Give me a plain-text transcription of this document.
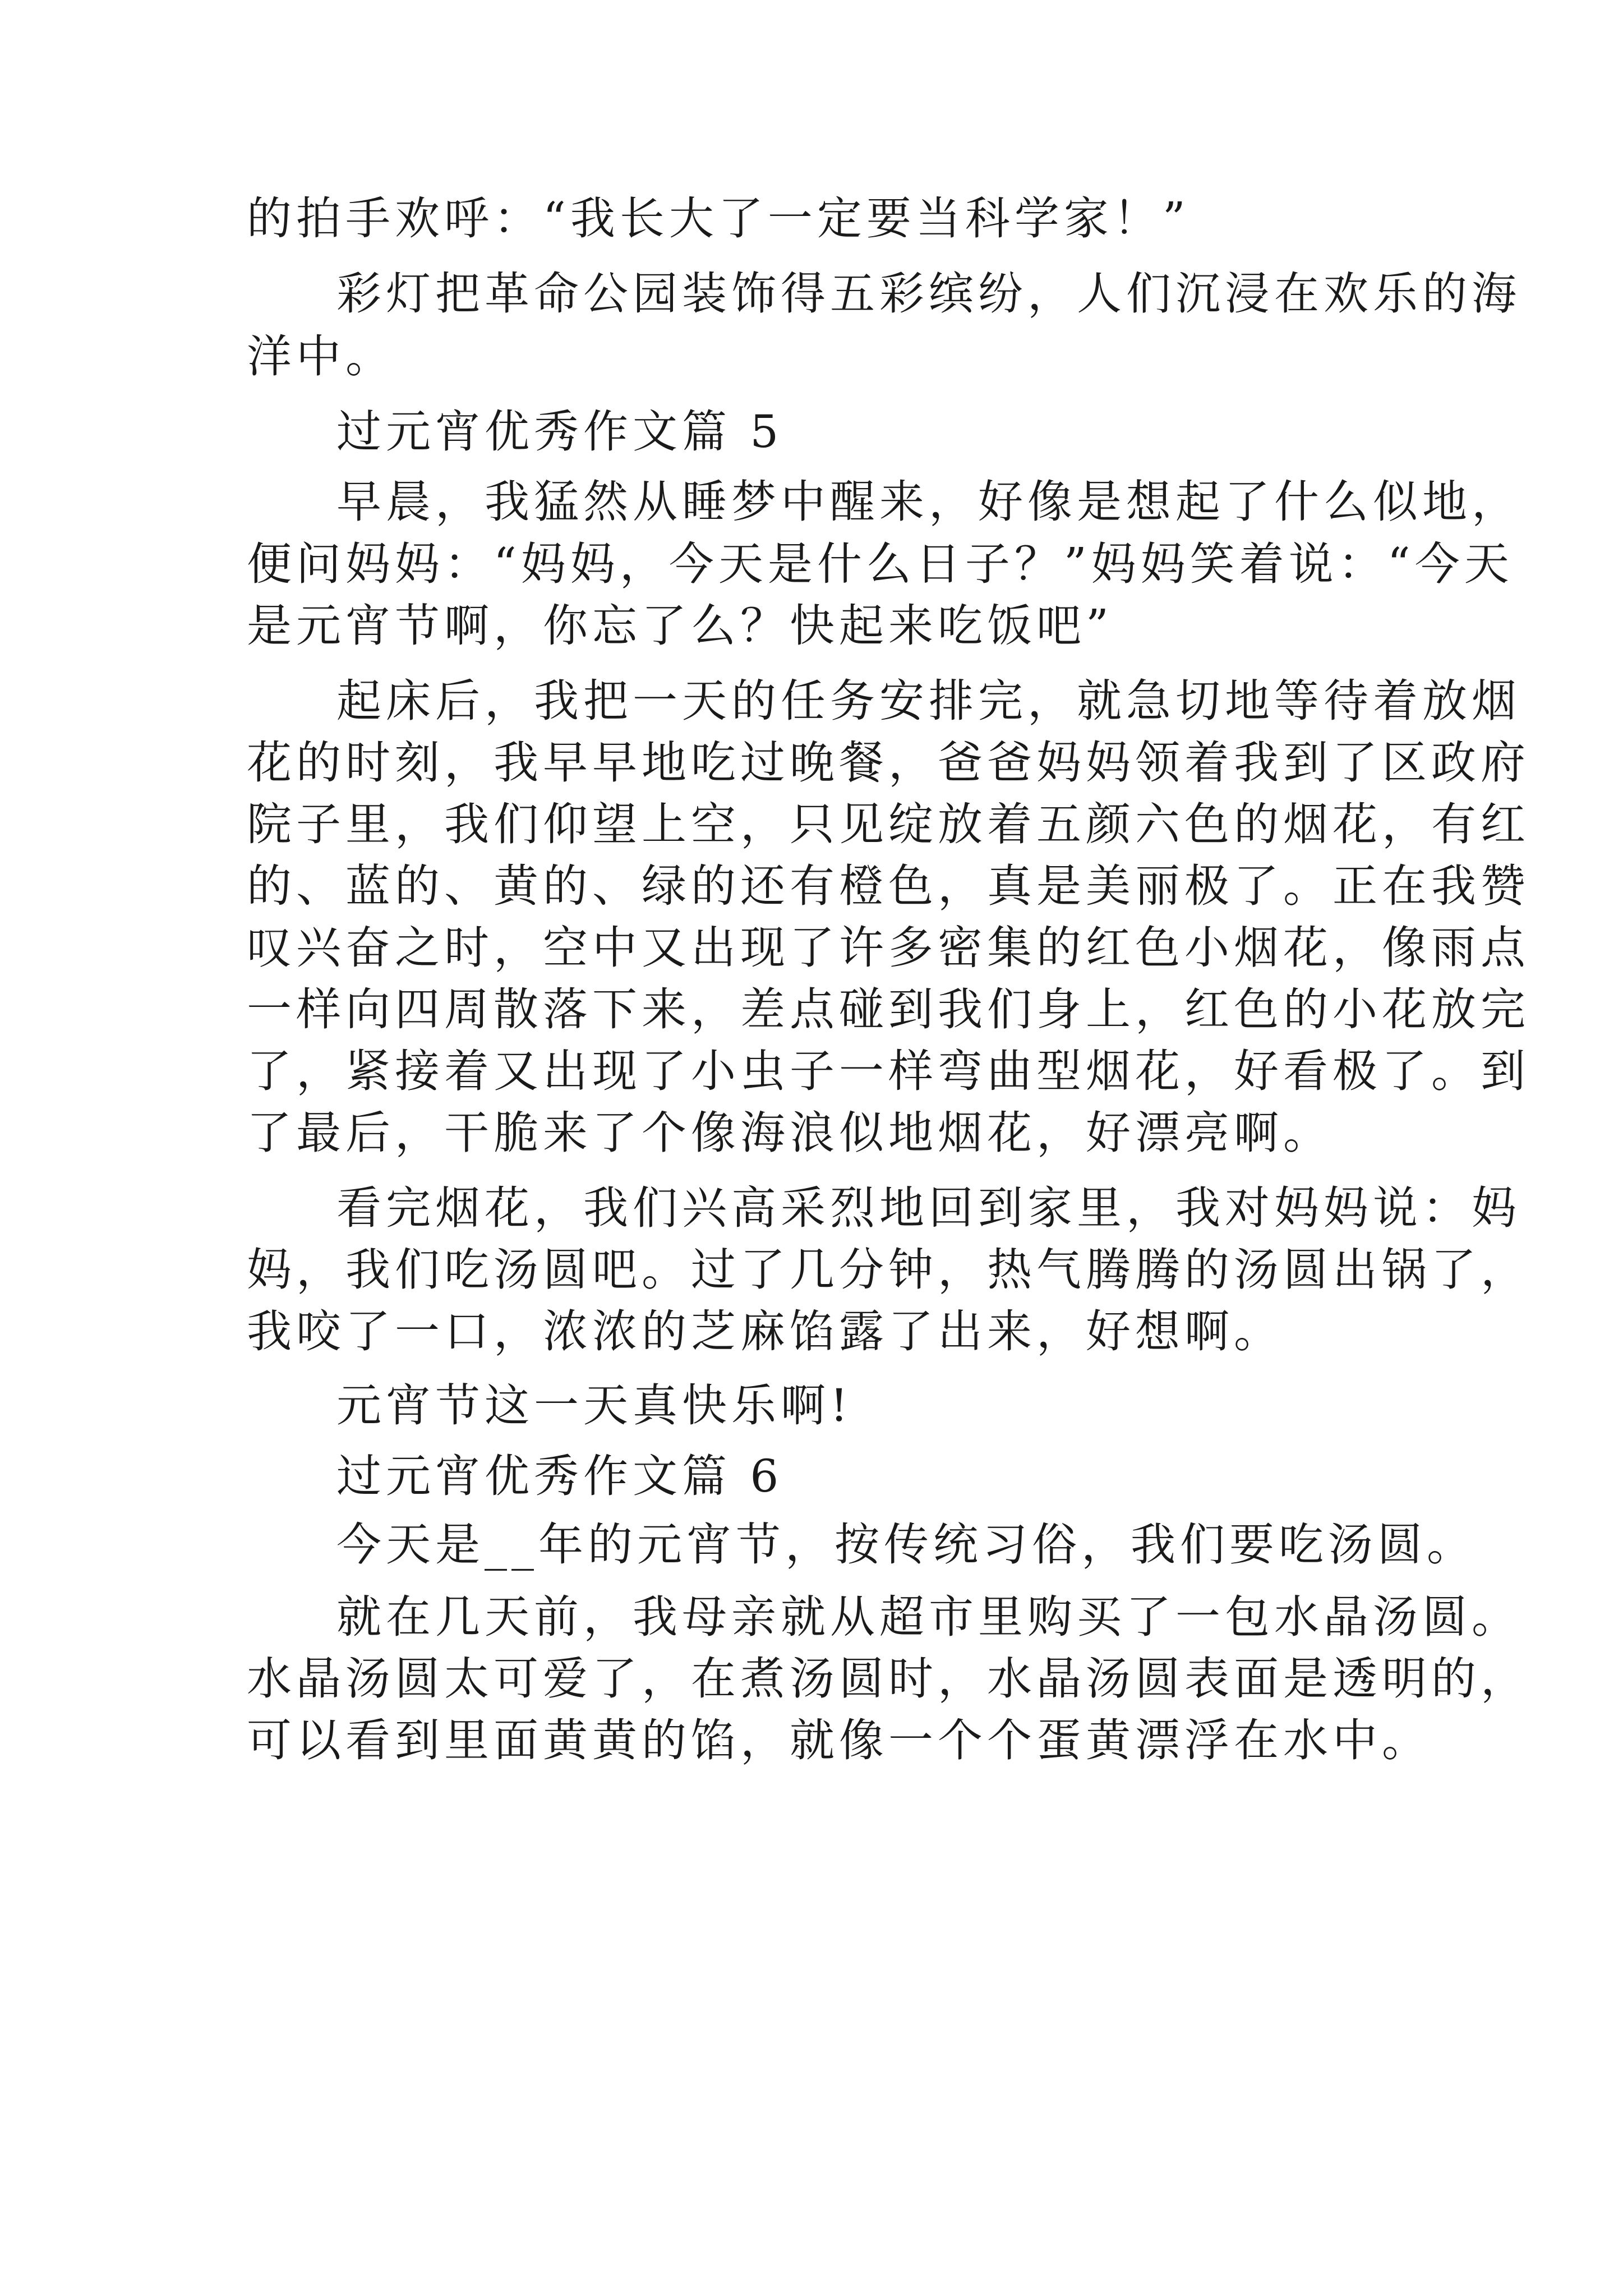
的拍手欢呼：“我长大了一定要当科学家！”
彩灯把革命公园装饰得五彩缤纷，人们沉浸在欢乐的海
洋中。
过元宵优秀作文篇 5
早晨，我猛然从睡梦中醒来，好像是想起了什么似地，
便问妈妈：“妈妈，今天是什么日子？”妈妈笑着说：“今天
是元宵节啊，你忘了么？快起来吃饭吧”
起床后，我把一天的任务安排完，就急切地等待着放烟
花的时刻，我早早地吃过晚餐，爸爸妈妈领着我到了区政府
院子里，我们仰望上空，只见绽放着五颜六色的烟花，有红
的、蓝的、黄的、绿的还有橙色，真是美丽极了。正在我赞
叹兴奋之时，空中又出现了许多密集的红色小烟花，像雨点
一样向四周散落下来，差点碰到我们身上，红色的小花放完
了，紧接着又出现了小虫子一样弯曲型烟花，好看极了。到
了最后，干脆来了个像海浪似地烟花，好漂亮啊。
看完烟花，我们兴高采烈地回到家里，我对妈妈说：妈
妈，我们吃汤圆吧。过了几分钟，热气腾腾的汤圆出锅了，
我咬了一口，浓浓的芝麻馅露了出来，好想啊。
元宵节这一天真快乐啊!
过元宵优秀作文篇 6
今天是__年的元宵节，按传统习俗，我们要吃汤圆。
就在几天前，我母亲就从超市里购买了一包水晶汤圆。
水晶汤圆太可爱了，在煮汤圆时，水晶汤圆表面是透明的，
可以看到里面黄黄的馅，就像一个个蛋黄漂浮在水中。
